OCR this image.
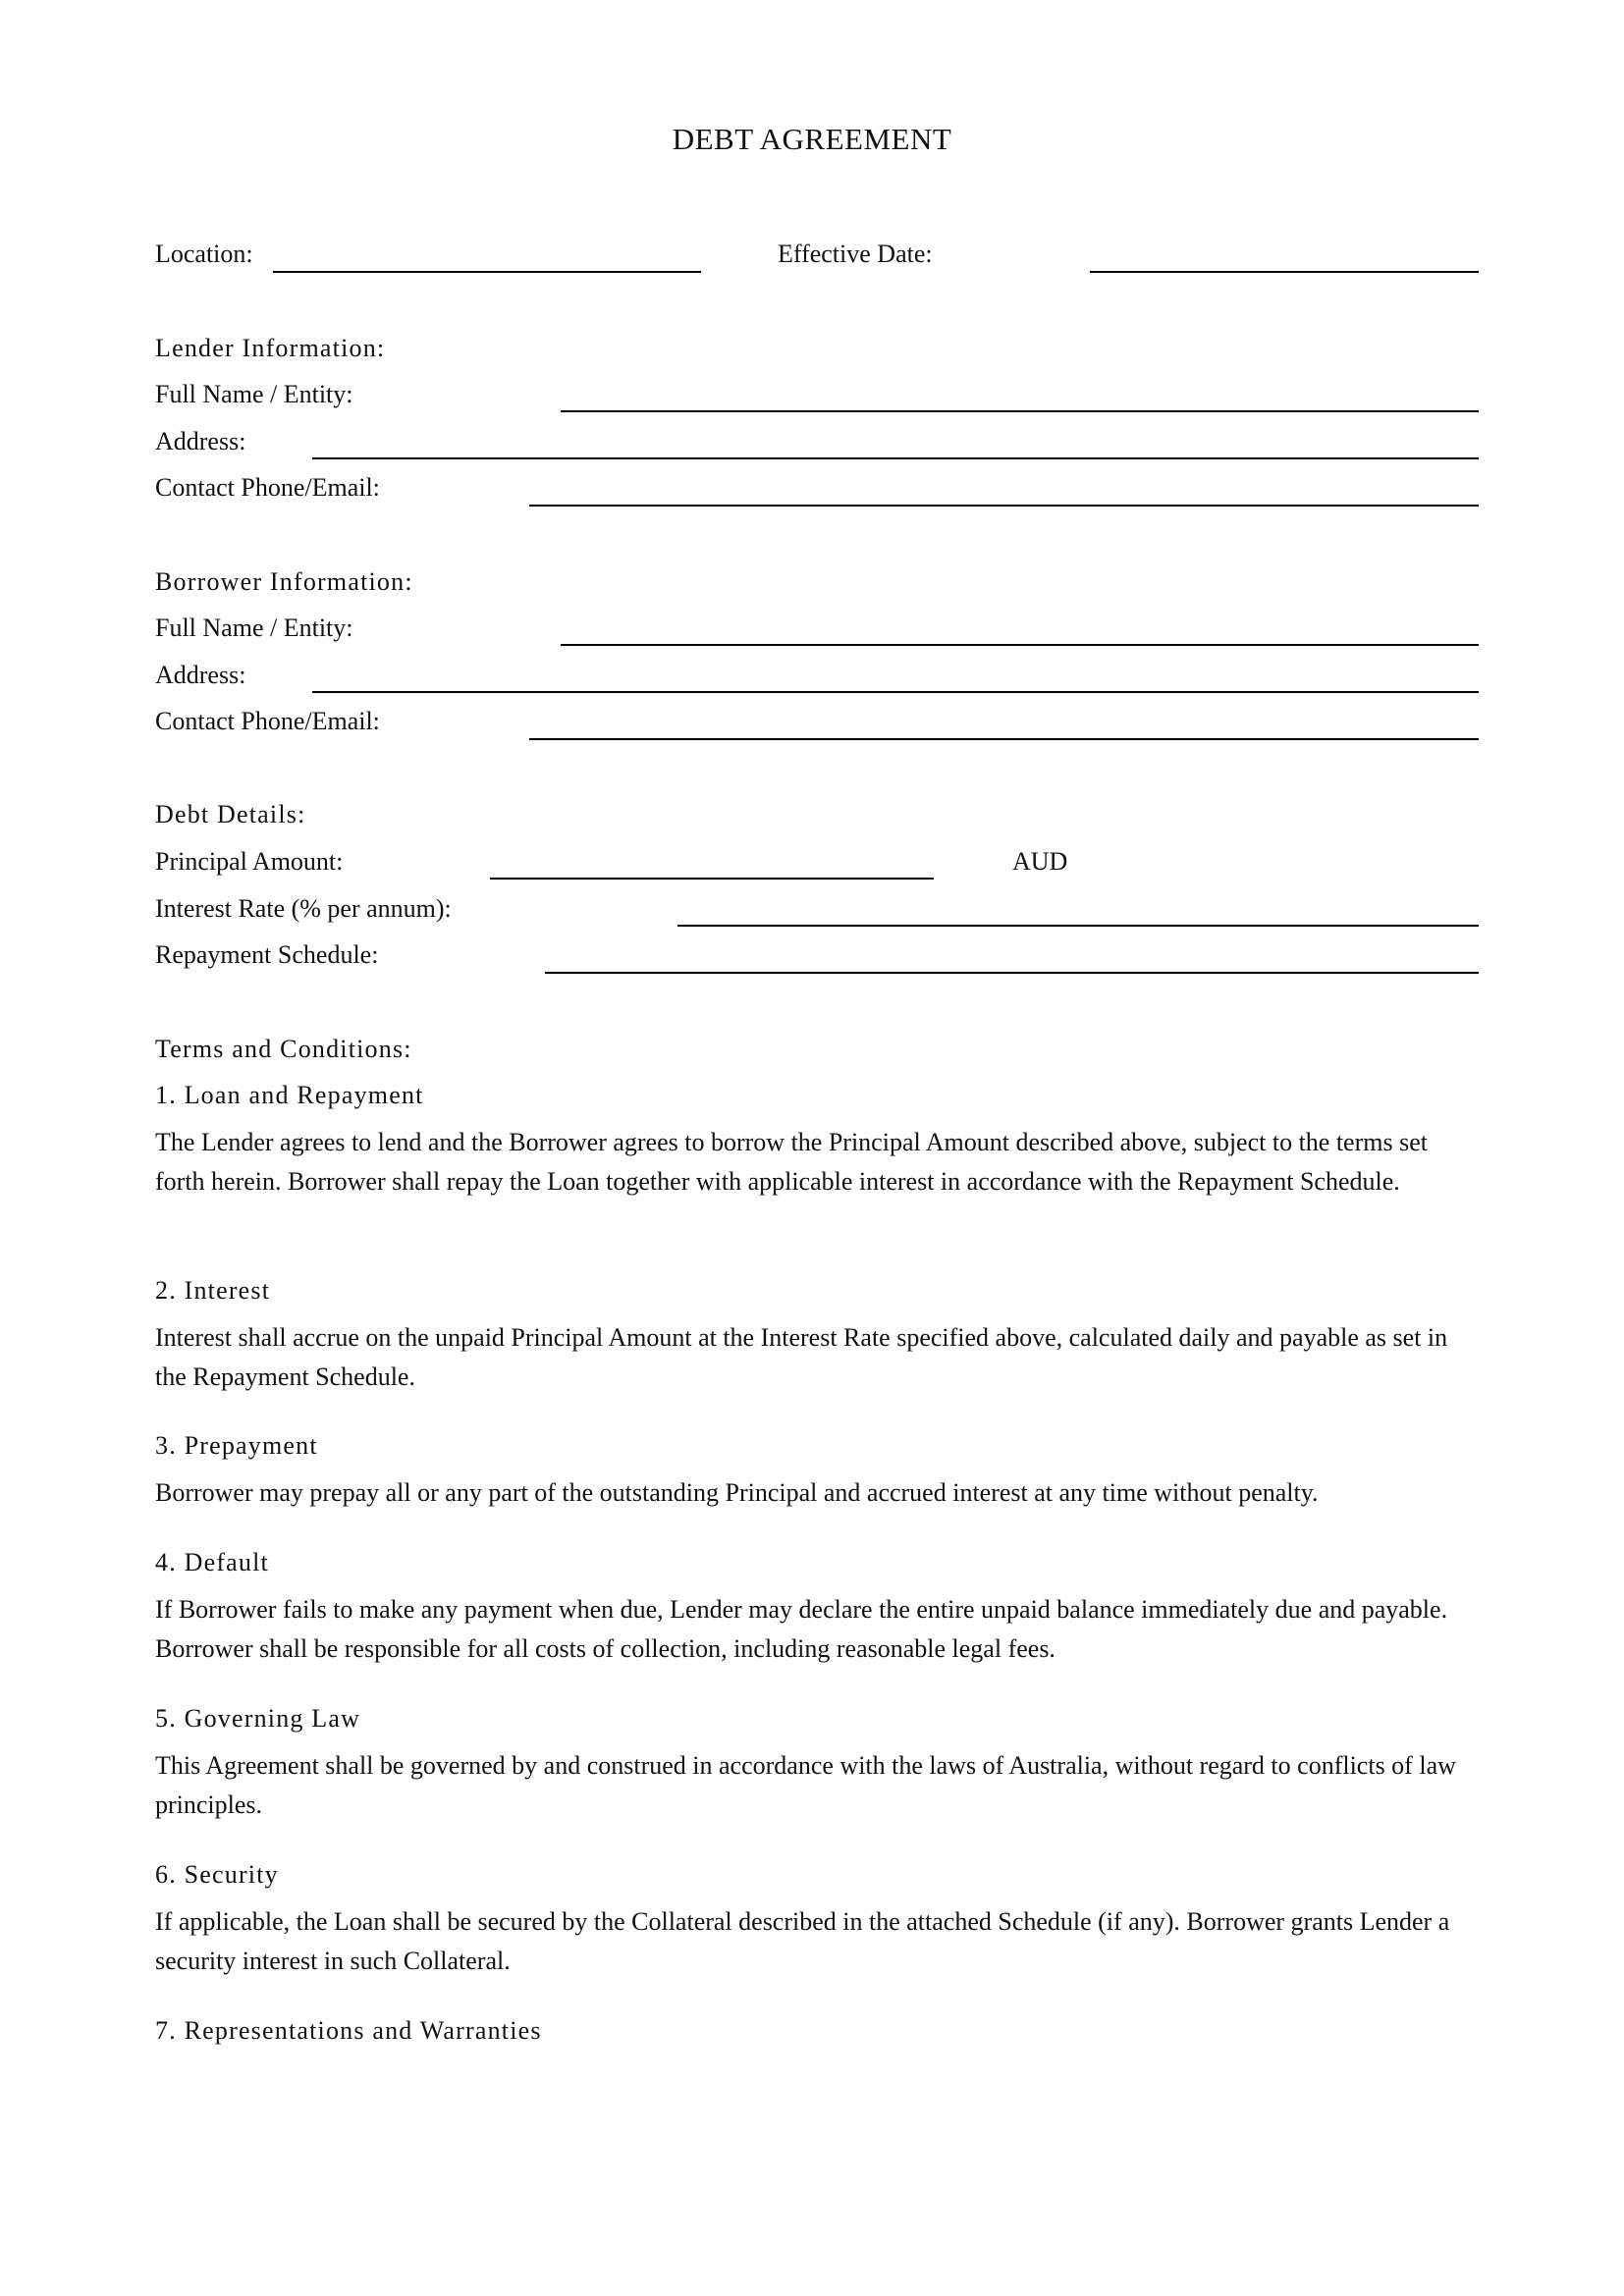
DEBT AGREEMENT
Location:	Effective Date:
Lender Information:
Full Name / Entity:
Address:
Contact Phone/Email:
Borrower Information:
Full Name / Entity:
Address:
Contact Phone/Email:
Debt Details:
Principal Amount:	AUD
Interest Rate (% per annum):
Repayment Schedule:
Terms and Conditions:
1. Loan and Repayment
The Lender agrees to lend and the Borrower agrees to borrow the Principal Amount described above, subject to the terms set forth herein. Borrower shall repay the Loan together with applicable interest in accordance with the Repayment Schedule.
2. Interest
Interest shall accrue on the unpaid Principal Amount at the Interest Rate specified above, calculated daily and payable as set in the Repayment Schedule.
3. Prepayment
Borrower may prepay all or any part of the outstanding Principal and accrued interest at any time without penalty.
4. Default
If Borrower fails to make any payment when due, Lender may declare the entire unpaid balance immediately due and payable. Borrower shall be responsible for all costs of collection, including reasonable legal fees.
5. Governing Law
This Agreement shall be governed by and construed in accordance with the laws of Australia, without regard to conflicts of law principles.
6. Security
If applicable, the Loan shall be secured by the Collateral described in the attached Schedule (if any). Borrower grants Lender a security interest in such Collateral.
7. Representations and Warranties
